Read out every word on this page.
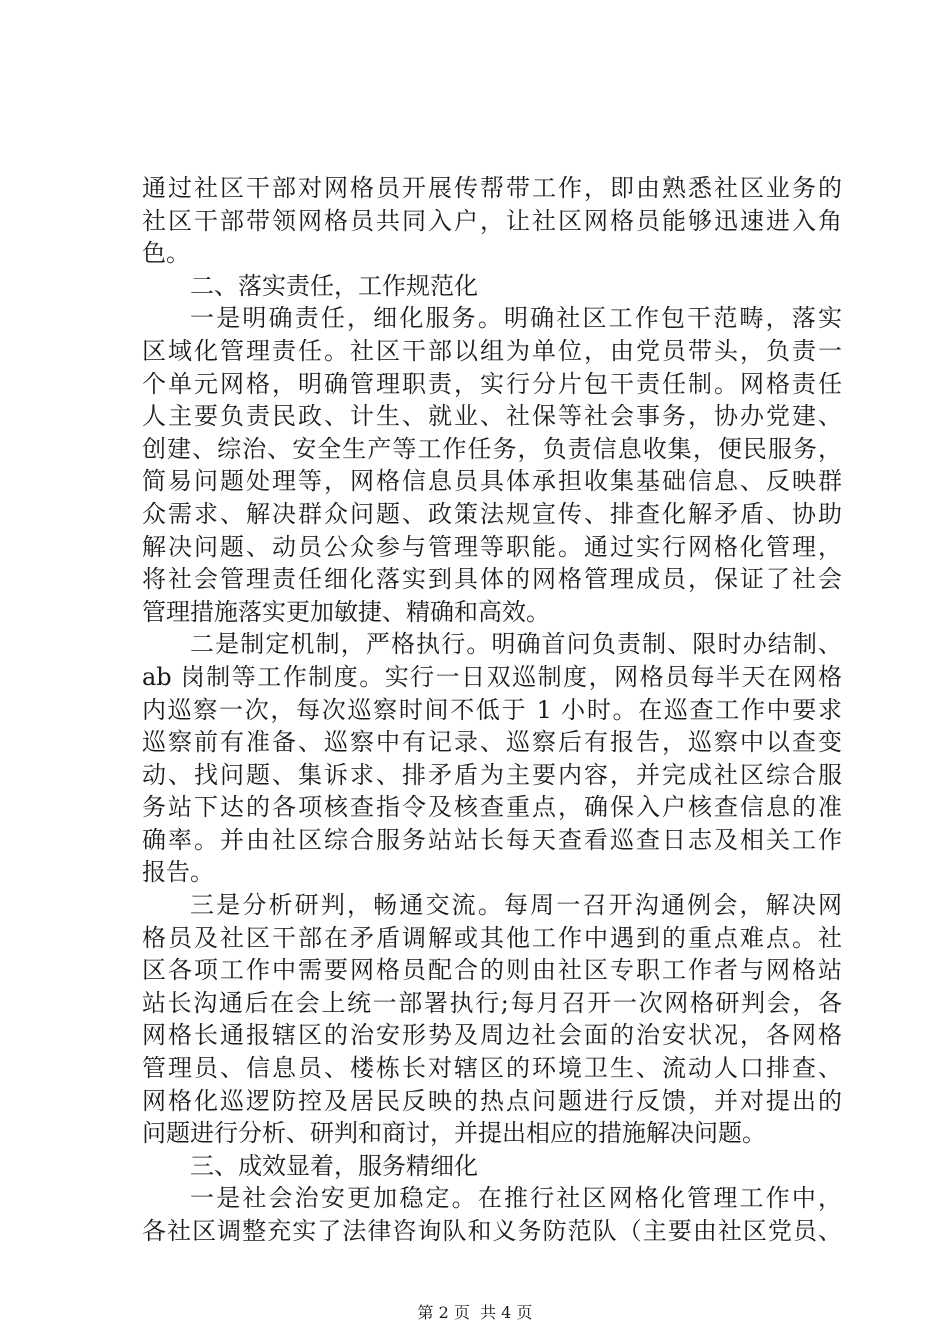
通过社区干部对网格员开展传帮带工作，即由熟悉社区业务的
社区干部带领网格员共同入户，让社区网格员能够迅速进入角
色。
二、落实责任，工作规范化
一是明确责任，细化服务。明确社区工作包干范畴，落实
区域化管理责任。社区干部以组为单位，由党员带头，负责一
个单元网格，明确管理职责，实行分片包干责任制。网格责任
人主要负责民政、计生、就业、社保等社会事务，协办党建、
创建、综治、安全生产等工作任务，负责信息收集，便民服务，
简易问题处理等，网格信息员具体承担收集基础信息、反映群
众需求、解决群众问题、政策法规宣传、排查化解矛盾、协助
解决问题、动员公众参与管理等职能。通过实行网格化管理，
将社会管理责任细化落实到具体的网格管理成员，保证了社会
管理措施落实更加敏捷、精确和高效。
二是制定机制，严格执行。明确首问负责制、限时办结制、
ab 岗制等工作制度。实行一日双巡制度，网格员每半天在网格
内巡察一次，每次巡察时间不低于 1 小时。在巡查工作中要求
巡察前有准备、巡察中有记录、巡察后有报告，巡察中以查变
动、找问题、集诉求、排矛盾为主要内容，并完成社区综合服
务站下达的各项核查指令及核查重点，确保入户核查信息的准
确率。并由社区综合服务站站长每天查看巡查日志及相关工作
报告。
三是分析研判，畅通交流。每周一召开沟通例会，解决网
格员及社区干部在矛盾调解或其他工作中遇到的重点难点。社
区各项工作中需要网格员配合的则由社区专职工作者与网格站
站长沟通后在会上统一部署执行;每月召开一次网格研判会，各
网格长通报辖区的治安形势及周边社会面的治安状况，各网格
管理员、信息员、楼栋长对辖区的环境卫生、流动人口排查、
网格化巡逻防控及居民反映的热点问题进行反馈，并对提出的
问题进行分析、研判和商讨，并提出相应的措施解决问题。
三、成效显着，服务精细化
一是社会治安更加稳定。在推行社区网格化管理工作中，
各社区调整充实了法律咨询队和义务防范队（主要由社区党员、
第 2 页  共 4 页
